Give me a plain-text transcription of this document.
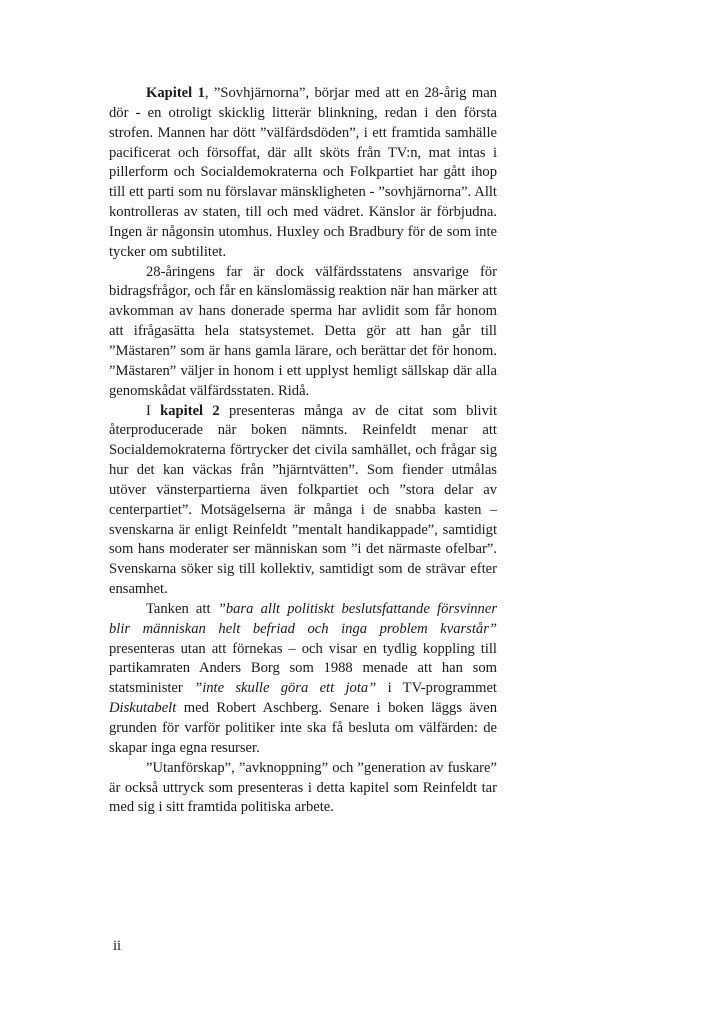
Kapitel 1, ”Sovhjärnorna”, börjar med att en 28-årig man dör - en otroligt skicklig litterär blinkning, redan i den första strofen. Mannen har dött ”välfärdsdöden”, i ett framtida samhälle pacificerat och försoffat, där allt sköts från TV:n, mat intas i pillerform och Socialdemokraterna och Folkpartiet har gått ihop till ett parti som nu förslavar mänskligheten - ”sovhjärnorna”. Allt kontrolleras av staten, till och med vädret. Känslor är förbjudna. Ingen är någonsin utomhus. Huxley och Bradbury för de som inte tycker om subtilitet.

28-åringens far är dock välfärdsstatens ansvarige för bidragsfrågor, och får en känslomässig reaktion när han märker att avkomman av hans donerade sperma har avlidit som får honom att ifrågasätta hela statsystemet. Detta gör att han går till ”Mästaren” som är hans gamla lärare, och berättar det för honom. ”Mästaren” väljer in honom i ett upplyst hemligt sällskap där alla genomskådat välfärdsstaten. Ridå.

I kapitel 2 presenteras många av de citat som blivit återproducerade när boken nämnts. Reinfeldt menar att Socialdemokraterna förtrycker det civila samhället, och frågar sig hur det kan väckas från ”hjärntvätten”. Som fiender utmålas utöver vänsterpartierna även folkpartiet och ”stora delar av centerpartiet”. Motsägelserna är många i de snabba kasten – svenskarna är enligt Reinfeldt ”mentalt handikappade”, samtidigt som hans moderater ser människan som ”i det närmaste ofelbar”. Svenskarna söker sig till kollektiv, samtidigt som de strävar efter ensamhet.

Tanken att ”bara allt politiskt beslutsfattande försvinner blir människan helt befriad och inga problem kvarstår” presenteras utan att förnekas – och visar en tydlig koppling till partikamraten Anders Borg som 1988 menade att han som statsminister ”inte skulle göra ett jota” i TV-programmet Diskutabelt med Robert Aschberg. Senare i boken läggs även grunden för varför politiker inte ska få besluta om välfärden: de skapar inga egna resurser.

”Utanförskap”, ”avknoppning” och ”generation av fuskare” är också uttryck som presenteras i detta kapitel som Reinfeldt tar med sig i sitt framtida politiska arbete.

ii
